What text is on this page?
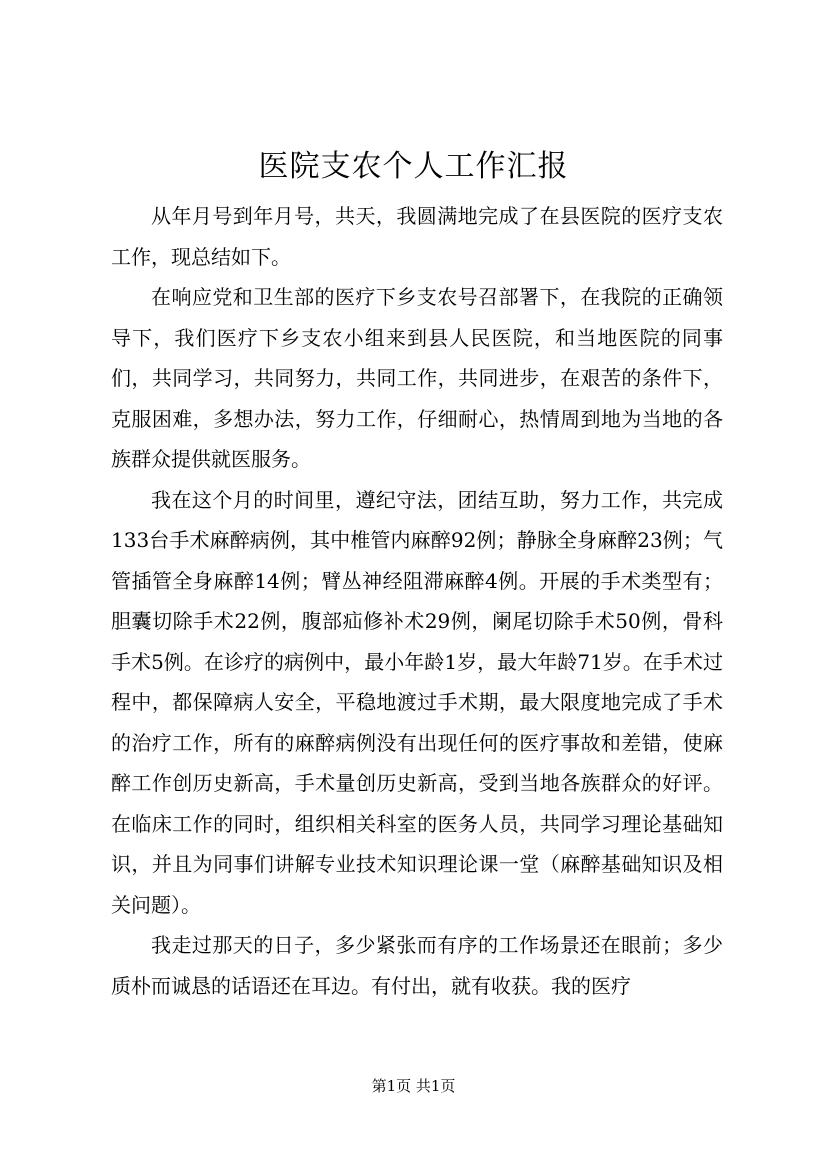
医院支农个人工作汇报

从年月号到年月号，共天，我圆满地完成了在县医院的医疗支农工作，现总结如下。

在响应党和卫生部的医疗下乡支农号召部署下，在我院的正确领导下，我们医疗下乡支农小组来到县人民医院，和当地医院的同事们，共同学习，共同努力，共同工作，共同进步，在艰苦的条件下，克服困难，多想办法，努力工作，仔细耐心，热情周到地为当地的各族群众提供就医服务。

我在这个月的时间里，遵纪守法，团结互助，努力工作，共完成133台手术麻醉病例，其中椎管内麻醉92例；静脉全身麻醉23例；气管插管全身麻醉14例；臂丛神经阻滞麻醉4例。开展的手术类型有；胆囊切除手术22例，腹部疝修补术29例，阑尾切除手术50例，骨科手术5例。在诊疗的病例中，最小年龄1岁，最大年龄71岁。在手术过程中，都保障病人安全，平稳地渡过手术期，最大限度地完成了手术的治疗工作，所有的麻醉病例没有出现任何的医疗事故和差错，使麻醉工作创历史新高，手术量创历史新高，受到当地各族群众的好评。在临床工作的同时，组织相关科室的医务人员，共同学习理论基础知识，并且为同事们讲解专业技术知识理论课一堂（麻醉基础知识及相关问题）。

我走过那天的日子，多少紧张而有序的工作场景还在眼前；多少质朴而诚恳的话语还在耳边。有付出，就有收获。我的医疗

第1页 共1页
